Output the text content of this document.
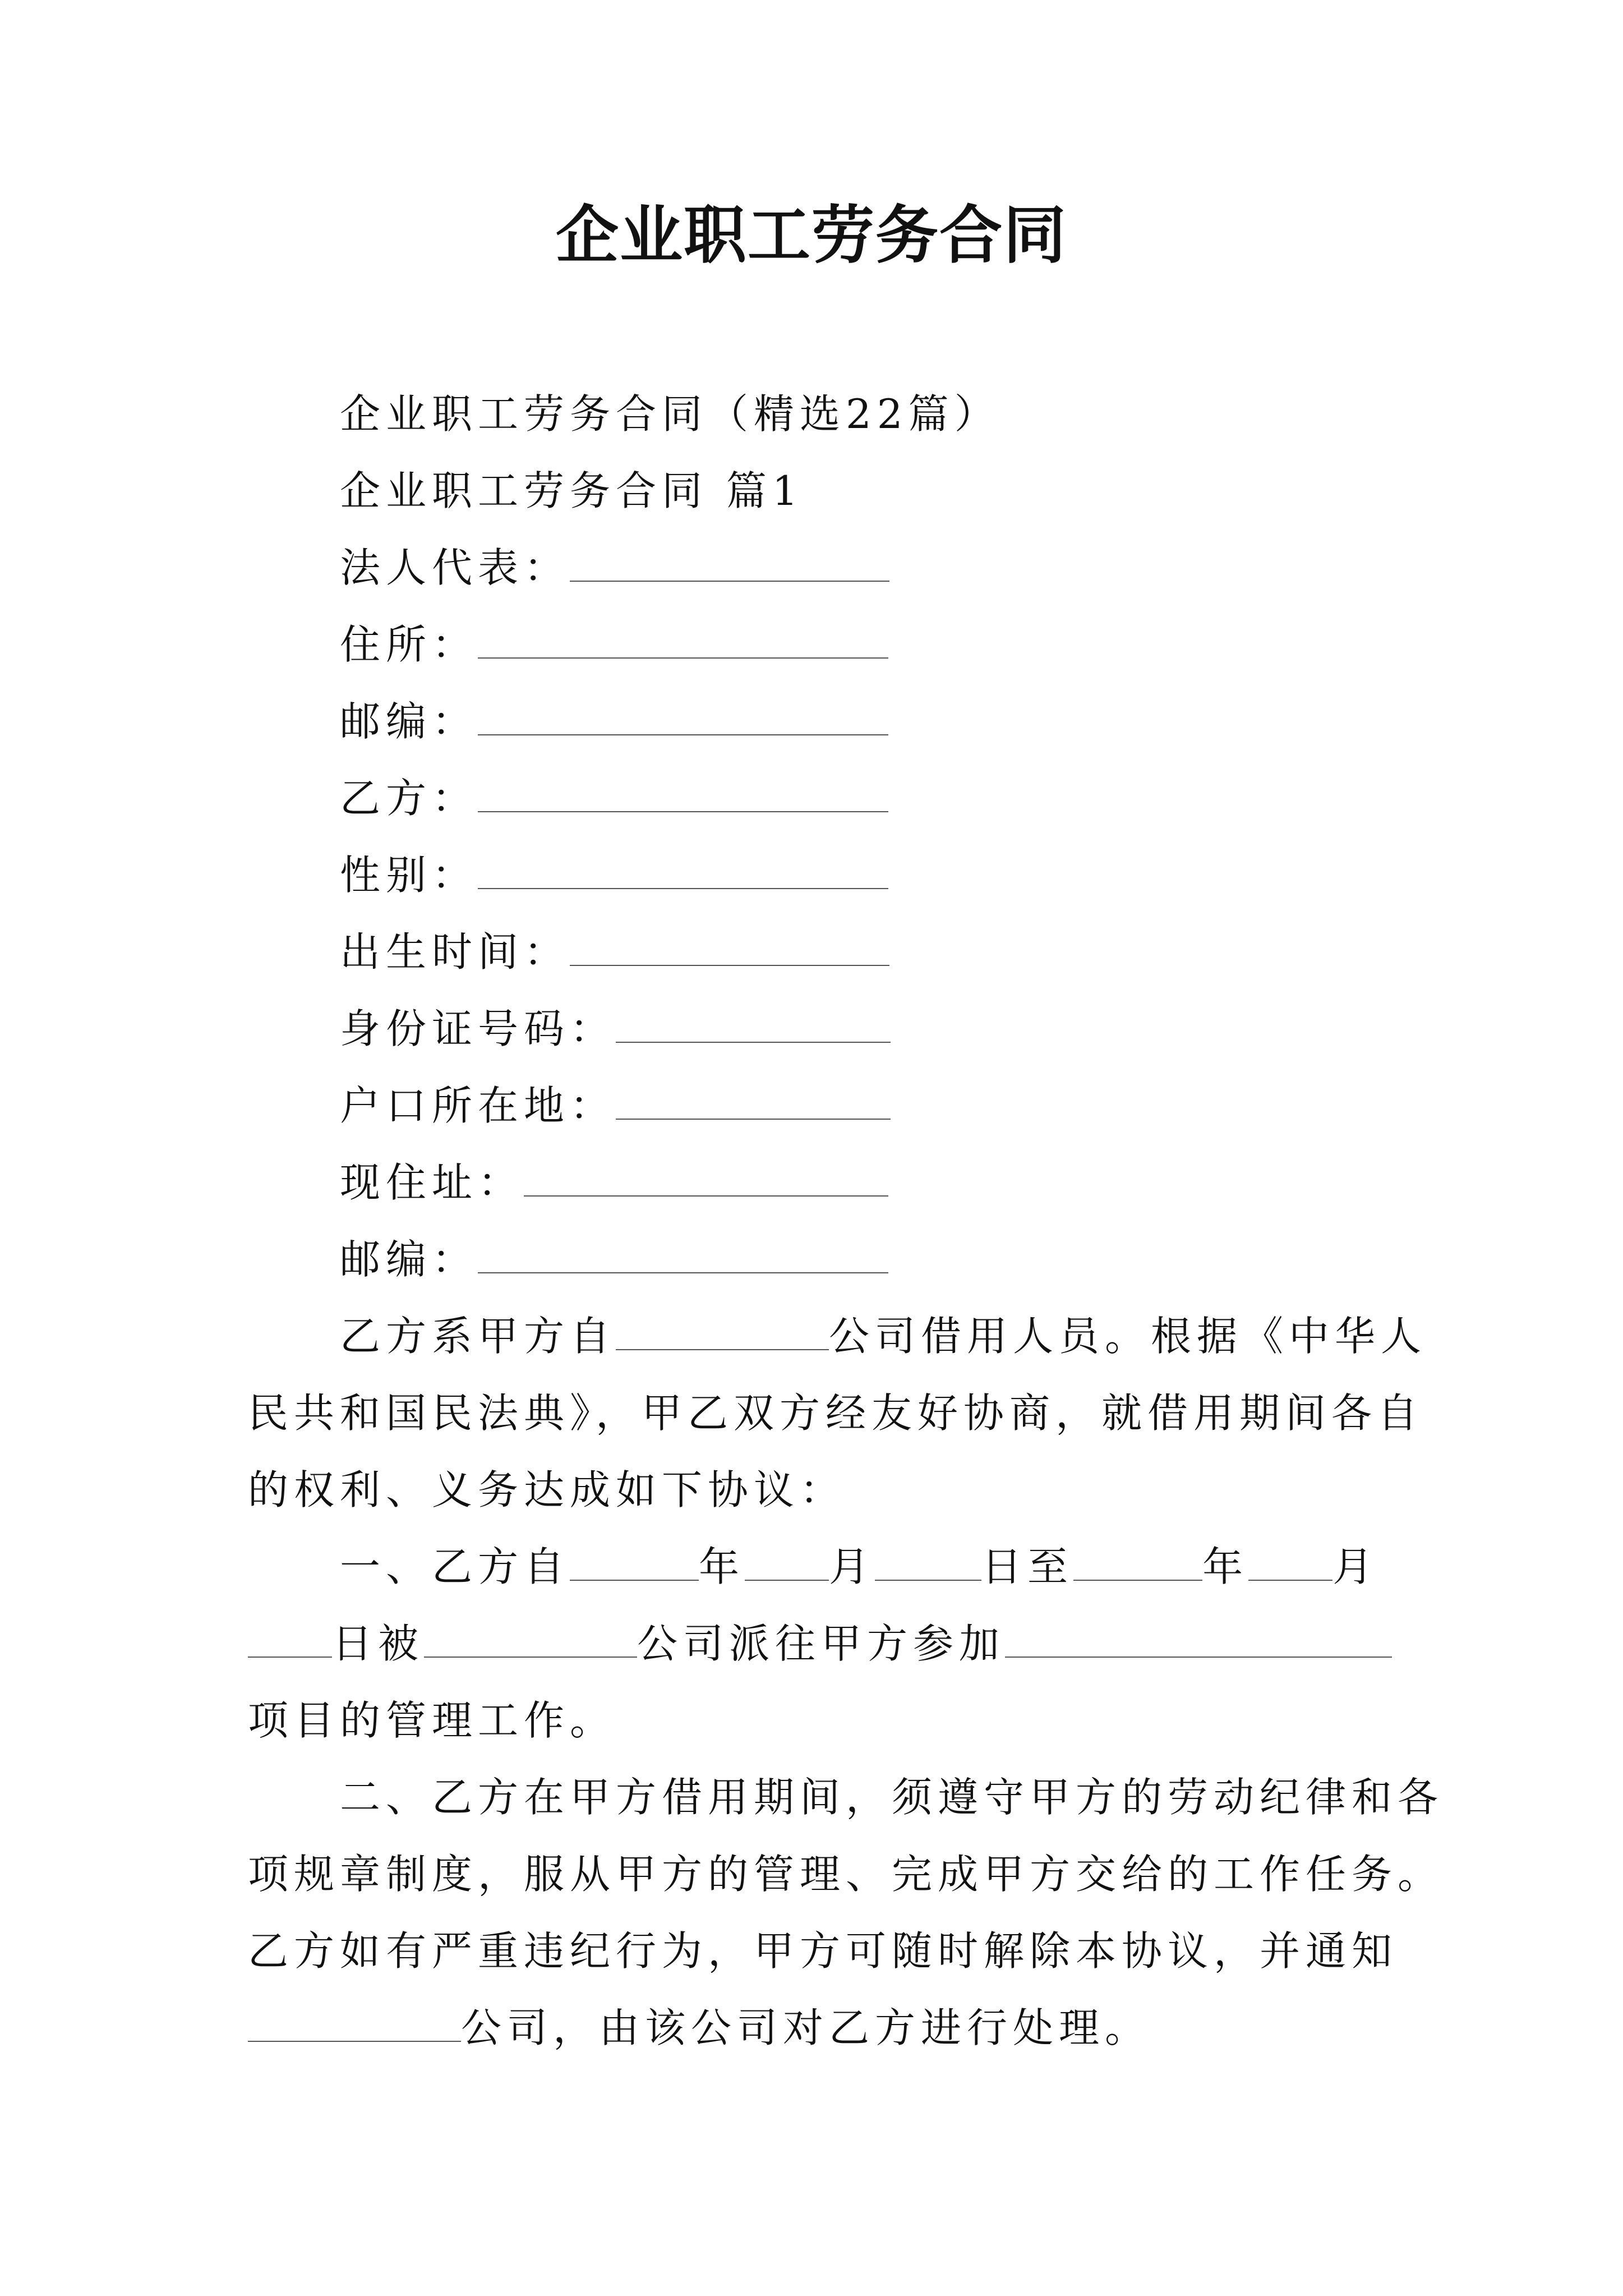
企业职工劳务合同
企业职工劳务合同（精选22篇）
企业职工劳务合同 篇1
法人代表：
住所：
邮编：
乙方：
性别：
出生时间：
身份证号码：
户口所在地：
现住址：
邮编：
乙方系甲方自	公司借用人员。根据《中华人
民共和国民法典》，甲乙双方经友好协商，就借用期间各自
的权利、义务达成如下协议：
一、乙方自	年 月	日至	年 月
日被	公司派往甲方参加
项目的管理工作。
二、乙方在甲方借用期间，须遵守甲方的劳动纪律和各
项规章制度，服从甲方的管理、完成甲方交给的工作任务。
乙方如有严重违纪行为，甲方可随时解除本协议，并通知
公司，由该公司对乙方进行处理。
